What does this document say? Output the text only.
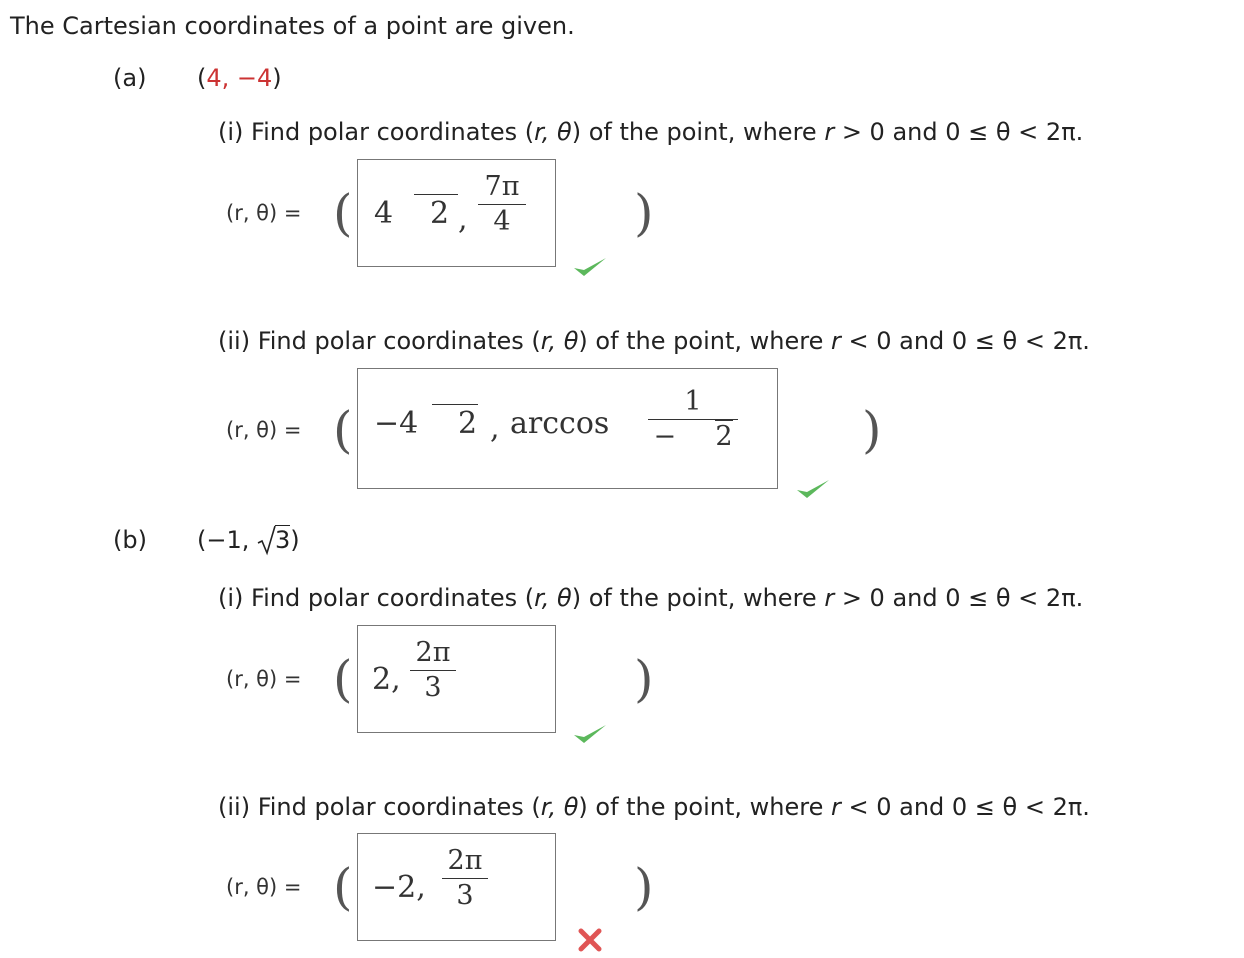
The Cartesian coordinates of a point are given.
(a) (4, −4)
(i) Find polar coordinates (r, θ) of the point, where r > 0 and 0 ≤ θ < 2π.
(r, θ) = ( 4 2 ,
7π
4	)
(ii) Find polar coordinates (r, θ) of the point, where r < 0 and 0 ≤ θ < 2π.
(r, θ) = ( −4 2 , arccos
1
− 2	)
(b) (−1,
3)
(i) Find polar coordinates (r, θ) of the point, where r > 0 and 0 ≤ θ < 2π.
(r, θ) = ( 2,
2π
3	)
(ii) Find polar coordinates (r, θ) of the point, where r < 0 and 0 ≤ θ < 2π.
(r, θ) = ( −2,
2π
3	)
